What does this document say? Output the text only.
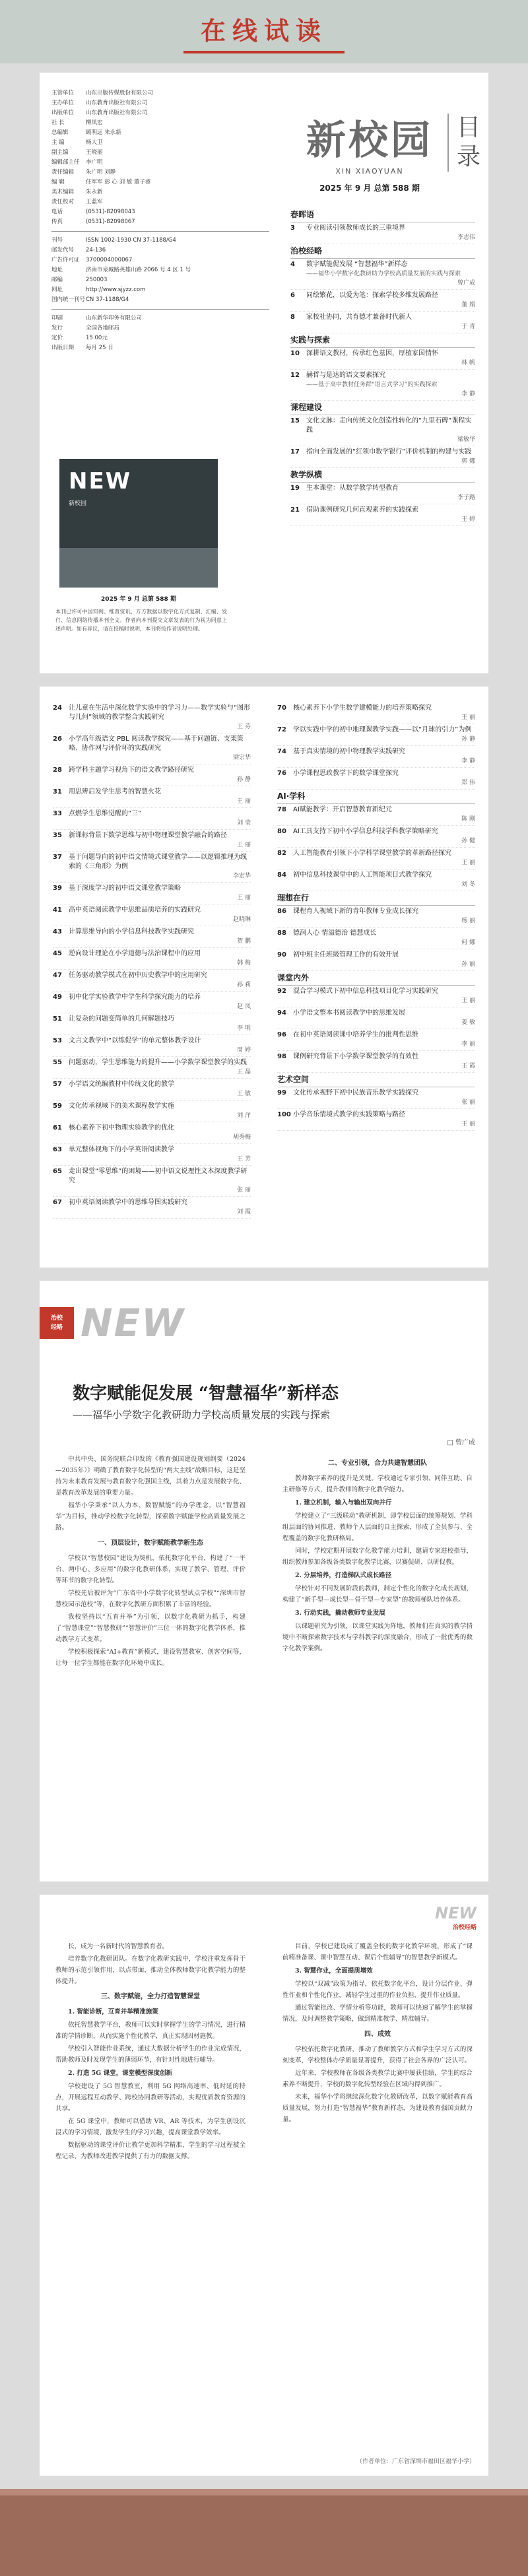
在线试读
主管单位	山东出版传媒股份有限公司
主办单位	山东教育出版社有限公司
出版单位	山东教育出版社有限公司
社 长	柳凤宏
总编辑	顾明远 朱永新
主 编	杨大卫
副主编	王晓丽
编辑部主任	李广明
责任编辑	朱广明 刘静
编 辑	任军军 彭 心 刘 敏 董子睿
美术编辑	朱永新
责任校对	王蓝军
电话	(0531)-82098043
传真	(0531)-82098067
刊号	ISSN 1002-1930 CN 37-1188/G4
邮发代号	24-136
广告许可证	3700004000067
地址	济南市泉城路英雄山路 2066 号 4 区 1 号
邮编	250003
网址	http://www.sjyzz.com
国内统一刊号 CN 37-1188/G4
印刷	山东新华印务有限公司
发行	全国各地邮局
定价	15.00元
出版日期	每月 25 日
NEW
新校园
2025 年 9 月 总第 588 期
本刊已许可中国知网、维普资讯、万方数据以数字化方式复制、汇编、发行、信息网络传播本刊全文。作者向本刊提交文章发表的行为视为同意上述声明。如有异议，请在投稿时说明，本刊将按作者说明处理。
新校园
XIN XIAOYUAN
2025 年 9 月 总第 588 期
目录
春晖语
3	专业阅读引领教师成长的三重境界
李志伟
治校经略
4	数字赋能促发展 “智慧福华”新样态
——福华小学数字化教研助力学校高质量发展的实践与探索
曾广成
6	同绘繁花，以爱为笔：探索学校多维发展路径
董 娟
8	家校社协同，共育德才兼备时代新人
于 青
实践与探索
10	深耕语文教材，传承红色基因，厚植家国情怀
林 帆
12	赫哲与是达的语文要素探究
——基于高中教材任务群“语言式学习”的实践探索
李 静
课程建设
15	文化文脉：走向传统文化创造性转化的“九里石碑”课程实践
梁敏华
17	指向全面发展的“红领巾数学银行”评价机制的构建与实践
郭 娜
教学纵横
19	生本课堂：从数学教学转型教育
李子路
21	借助课例研究几何直观素养的实践探索
王 婷
24	让儿童在生活中深化数学实验中的学习力——数学实验与“图形与几何”领域的教学整合实践研究
王 芬
26	小学高年级语文 PBL 阅读教学探究——基于问题链、支架策略、协作网与评价环的实践研究
梁宗华
28	跨学科主题学习视角下的语文教学路径研究
孙 静
31	用思辨启发学生思考的智慧火花
王 丽
33	点燃学生思维觉醒的“三”
刘 莹
35	新课标背景下数学思维与初中物理课堂教学融合的路径
王 丽
37	基于问题导向的初中语文情境式课堂教学——以逻辑推理为线索的《三角形》为例
李宏华
39	基于深度学习的初中语文课堂教学策略
王 丽
41	高中英语阅读教学中思维品质培养的实践研究
赵晓琳
43	计算思维导向的小学信息科技教学实践研究
贺 鹏
45	逆向设计理论在小学道德与法治课程中的应用
韩 梅
47	任务驱动教学模式在初中历史教学中的应用研究
孙 莉
49	初中化学实验教学中学生科学探究能力的培养
赵 凤
51	让复杂的问题变简单的几何解题技巧
李 明
53	文言文教学中“以练促学”的单元整体教学设计
周 婷
55	问题驱动，学生思维能力的提升——小学数学课堂教学的实践
王 晶
57	小学语文统编教材中传统文化的教学
王 敏
59	文化传承视域下的美术课程教学实施
刘 洋
61	核心素养下初中物理实验教学的优化
胡秀梅
63	单元整体视角下的小学英语阅读教学
王 芳
65	走出课堂“零思维”的困境——初中语文说理性文本深度教学研究
张 丽
67	初中英语阅读教学中的思维导图实践研究
刘 霞
70	核心素养下小学生数学建模能力的培养策略探究
王 丽
72	学以实践中学的初中地理课教学实践——以“月球的引力”为例
孙 静
74	基于真实情境的初中物理教学实践研究
李 静
76	小学课程思政教学下的数学课堂探究
郑 伟
AI·学科
78	AI赋能教学：开启智慧教育新纪元
陈 刚
80	AI工具支持下初中小学信息科技学科教学策略研究
孙 健
82	人工智能教育引领下小学科学课堂教学的革新路径探究
王 丽
84	初中信息科技课堂中的人工智能项目式教学探究
刘 冬
理想在行
86	课程育人视域下新的青年教师专业成长探究
杨 丽
88	德润人心 情溢德治 德慧成长
何 娜
90	初中班主任班级管理工作的有效开展
孙 丽
课堂内外
92	混合学习模式下初中信息科技项目化学习实践研究
王 丽
94	小学语文整本书阅读教学中的思维发展
姜 敏
96	在初中英语阅读课中培养学生的批判性思维
李 丽
98	课例研究背景下小学数学课堂教学的有效性
王 霞
艺术空间
99	文化传承视野下初中民族音乐教学实践探究
张 丽
100 小学音乐情境式教学的实践策略与路径
王 丽
治校
经略 NEW
数字赋能促发展 “智慧福华”新样态
——福华小学数字化教研助力学校高质量发展的实践与探索
□ 曾广成

中共中央、国务院联合印发的《教育强国建设规划纲要（2024—2035年）》明确了教育数字化转型的“两大主线”战略目标，这是坚持为未来教育发展与教育数字化强国主线，其着力点是发展数字化、是教育改革发展的重要力量。

福华小学秉承“以人为本、数智赋能”的办学理念，以“智慧福华”为目标，推动学校数字化转型，探索数字赋能学校高质量发展之路。

一、顶层设计，数字赋能教学新生态

学校以“智慧校园”建设为契机，依托数字化平台，构建了“一平台、两中心、多应用”的数字化教研体系，实现了教学、管理、评价等环节的数字化转型。

学校先后被评为“广东省中小学数字化转型试点学校”“深圳市智慧校园示范校”等，在数字化教研方面积累了丰富的经验。

我校坚持以“五育并举”为引领，以数字化教研为抓手，构建了“智慧课堂”“智慧教研”“智慧评价”三位一体的数字化教学体系，推动教学方式变革。

学校积极探索“AI+教育”新模式，建设智慧教室、创客空间等，让每一位学生都能在数字化环境中成长。

二、专业引领，合力共建智慧团队

教师数字素养的提升是关键。学校通过专家引领、同伴互助、自主研修等方式，提升教师的数字化教学能力。

1. 建立机制，输入与输出双向并行

学校建立了“三级联动”教研机制，即学校层面的统筹规划、学科组层面的协同推进、教师个人层面的自主探索，形成了全员参与、全程覆盖的数字化教研格局。

同时，学校定期开展数字化教学能力培训，邀请专家进校指导，组织教师参加各级各类数字化教学比赛，以赛促研、以研促教。

2. 分层培养，打造梯队式成长路径

学校针对不同发展阶段的教师，制定个性化的数字化成长规划，构建了“新手型—成长型—骨干型—专家型”的教师梯队培养体系。

3. 行动实践，撬动教师专业发展

以课题研究为引领，以课堂实践为阵地，教师们在真实的教学情境中不断探索数字技术与学科教学的深度融合，形成了一批优秀的数字化教学案例。

NEW
治校经略

长，成为一名新时代的智慧教育者。

培养数字化教研团队。在数字化教研实践中，学校注重发挥骨干教师的示范引领作用，以点带面，推动全体教师数字化教学能力的整体提升。

三、数字赋能，全力打造智慧课堂
1. 智能诊断，互育并举精准施策

依托智慧教学平台，教师可以实时掌握学生的学习情况，进行精准的学情诊断，从而实施个性化教学，真正实现因材施教。

学校引入智能作业系统，通过大数据分析学生的作业完成情况，帮助教师及时发现学生的薄弱环节，有针对性地进行辅导。

2. 打造 5G 课堂，课堂模型深度创新

学校建设了 5G 智慧教室，利用 5G 网络高速率、低时延的特点，开展远程互动教学、跨校协同教研等活动，实现优质教育资源的共享。

在 5G 课堂中，教师可以借助 VR、AR 等技术，为学生创设沉浸式的学习情境，激发学生的学习兴趣，提高课堂教学效率。

数据驱动的课堂评价让教学更加科学精准，学生的学习过程被全程记录，为教师改进教学提供了有力的数据支撑。

目前，学校已建设成了覆盖全校的数字化教学环境，形成了“课前精准备课、课中智慧互动、课后个性辅导”的智慧教学新模式。

3. 智慧作业，全面提质增效

学校以“双减”政策为指导，依托数字化平台，设计分层作业、弹性作业和个性化作业，减轻学生过重的作业负担，提升作业质量。

通过智能批改、学情分析等功能，教师可以快速了解学生的掌握情况，及时调整教学策略，做到精准教学、精准辅导。

四、成效

学校依托数字化教研，推动了教师教学方式和学生学习方式的深刻变革，学校整体办学质量显著提升，获得了社会各界的广泛认可。

近年来，学校教师在各级各类教学比赛中屡获佳绩，学生的综合素养不断提升，学校的数字化转型经验在区域内得到推广。

未来，福华小学将继续深化数字化教研改革，以数字赋能教育高质量发展，努力打造“智慧福华”教育新样态，为建设教育强国贡献力量。

（作者单位：广东省深圳市福田区福华小学）
